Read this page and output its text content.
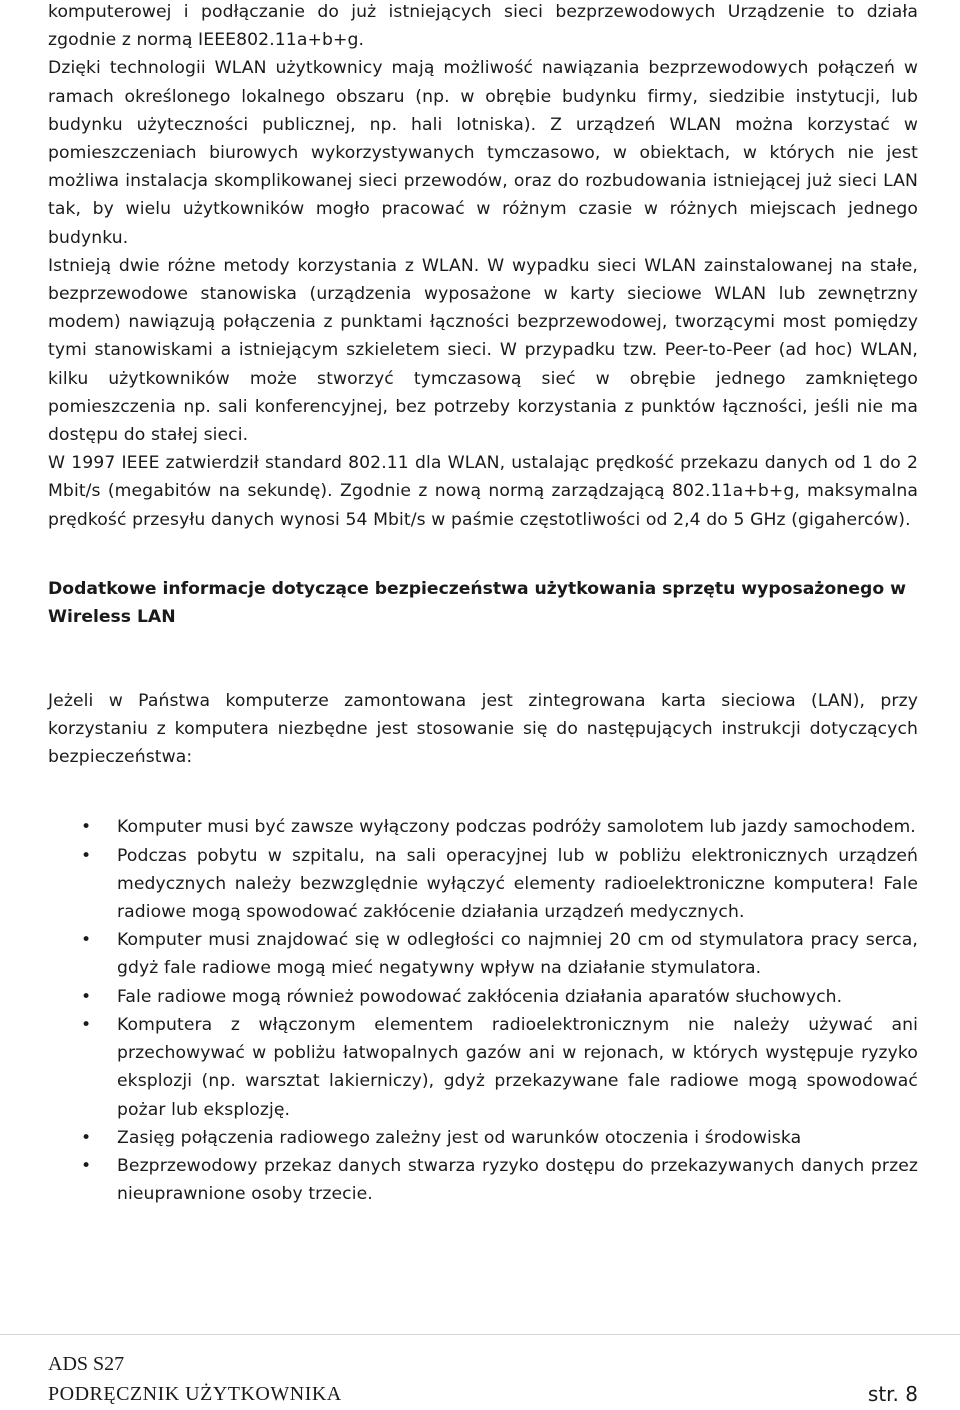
komputerowej i podłączanie do już istniejących sieci bezprzewodowych Urządzenie to działa zgodnie z normą IEEE802.11a+b+g.

Dzięki technologii WLAN użytkownicy mają możliwość nawiązania bezprzewodowych połączeń w ramach określonego lokalnego obszaru (np. w obrębie budynku firmy, siedzibie instytucji, lub budynku użyteczności publicznej, np. hali lotniska). Z urządzeń WLAN można korzystać w pomieszczeniach biurowych wykorzystywanych tymczasowo, w obiektach, w których nie jest możliwa instalacja skomplikowanej sieci przewodów, oraz do rozbudowania istniejącej już sieci LAN tak, by wielu użytkowników mogło pracować w różnym czasie w różnych miejscach jednego budynku.

Istnieją dwie różne metody korzystania z WLAN. W wypadku sieci WLAN zainstalowanej na stałe, bezprzewodowe stanowiska (urządzenia wyposażone w karty sieciowe WLAN lub zewnętrzny modem) nawiązują połączenia z punktami łączności bezprzewodowej, tworzącymi most pomiędzy tymi stanowiskami a istniejącym szkieletem sieci. W przypadku tzw. Peer-to-Peer (ad hoc) WLAN, kilku użytkowników może stworzyć tymczasową sieć w obrębie jednego zamkniętego pomieszczenia np. sali konferencyjnej, bez potrzeby korzystania z punktów łączności, jeśli nie ma dostępu do stałej sieci.

W 1997 IEEE zatwierdził standard 802.11 dla WLAN, ustalając prędkość przekazu danych od 1 do 2 Mbit/s (megabitów na sekundę). Zgodnie z nową normą zarządzającą 802.11a+b+g, maksymalna prędkość przesyłu danych wynosi 54 Mbit/s w paśmie częstotliwości od 2,4 do 5 GHz (gigaherców).

Dodatkowe informacje dotyczące bezpieczeństwa użytkowania sprzętu wyposażonego w Wireless LAN

Jeżeli w Państwa komputerze zamontowana jest zintegrowana karta sieciowa (LAN), przy korzystaniu z komputera niezbędne jest stosowanie się do następujących instrukcji dotyczących bezpieczeństwa:

• Komputer musi być zawsze wyłączony podczas podróży samolotem lub jazdy samochodem.
• Podczas pobytu w szpitalu, na sali operacyjnej lub w pobliżu elektronicznych urządzeń medycznych należy bezwzględnie wyłączyć elementy radioelektroniczne komputera! Fale radiowe mogą spowodować zakłócenie działania urządzeń medycznych.
• Komputer musi znajdować się w odległości co najmniej 20 cm od stymulatora pracy serca, gdyż fale radiowe mogą mieć negatywny wpływ na działanie stymulatora.
• Fale radiowe mogą również powodować zakłócenia działania aparatów słuchowych.
• Komputera z włączonym elementem radioelektronicznym nie należy używać ani przechowywać w pobliżu łatwopalnych gazów ani w rejonach, w których występuje ryzyko eksplozji (np. warsztat lakierniczy), gdyż przekazywane fale radiowe mogą spowodować pożar lub eksplozję.
• Zasięg połączenia radiowego zależny jest od warunków otoczenia i środowiska
• Bezprzewodowy przekaz danych stwarza ryzyko dostępu do przekazywanych danych przez nieuprawnione osoby trzecie.
ADS S27
PODRĘCZNIK UŻYTKOWNIKA	str. 8
